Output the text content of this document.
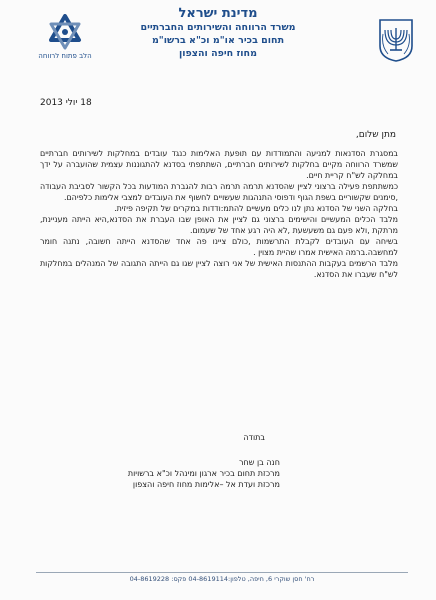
מדינת ישראל
משרד הרווחה והשירותים החברתיים
תחום בכיר או"מ וכ"א ברשו"מ
מחוז חיפה והצפון
הלב פתוח לרווחה
18 יולי 2013
מתן שלום,

במסגרת הסדנאות למניעה והתמודדות עם תופעת האלימות כנגד עובדים במחלקות לשירותים חברתיים שמשרד הרווחה מקיים בחלקות לשירותים חברתיים, השתתפתי בסדנא להתגוננות עצמית שהועברה על ידך במחלקה לש"ח קריית חיים.

כמשתתפת פעילה ברצוני לציין שהסדנא תרמה תרמה רבות להגברת המודעות בכל הקשור לסביבת העבודה ,סימנים שקשוריים בשפת הגוף ודפוסי התנהגות שעשויים לחשוף את העובדים למצבי אלימות כלפיהם.

בחלקה השני של הסדנא נתן לנו כלים מעשיים להתמ:ודדות במקרים של תקיפה פיזית.

מלבד הכלים המעשיים והישימים ברצוני גם לציין את האופן שבו העברת את הסדנא,היא הייתה מעניינת, מרתקת ,ולא פעם גם משעשעת ,לא היה רגע אחד של שעמום.

בשיחה עם העובדים לקבלת התרשמות ,כולם ציינו פה אחד שהסדנא הייתה חשובה, נתנה חומר למחשבה.ברמה האישית אמרו שהיית מצוין .

מלבד הרשמים בעקבות ההתנסות האישית של אני רוצה לציין שגו גם הייתה התגובה של המנהלים במחלקות לש"ח שעברו את הסדנא.

בתודה
חנה בן שחר
מרכזת תחום בכיר ארגון ומינהל וכ"א ברשויות
מרכזת ועדת אל –אלימות מחוז חיפה והצפון
רח' חסן שוקרי 6, חיפה, טלפון:04-8619114 פקס: 04-8619228
